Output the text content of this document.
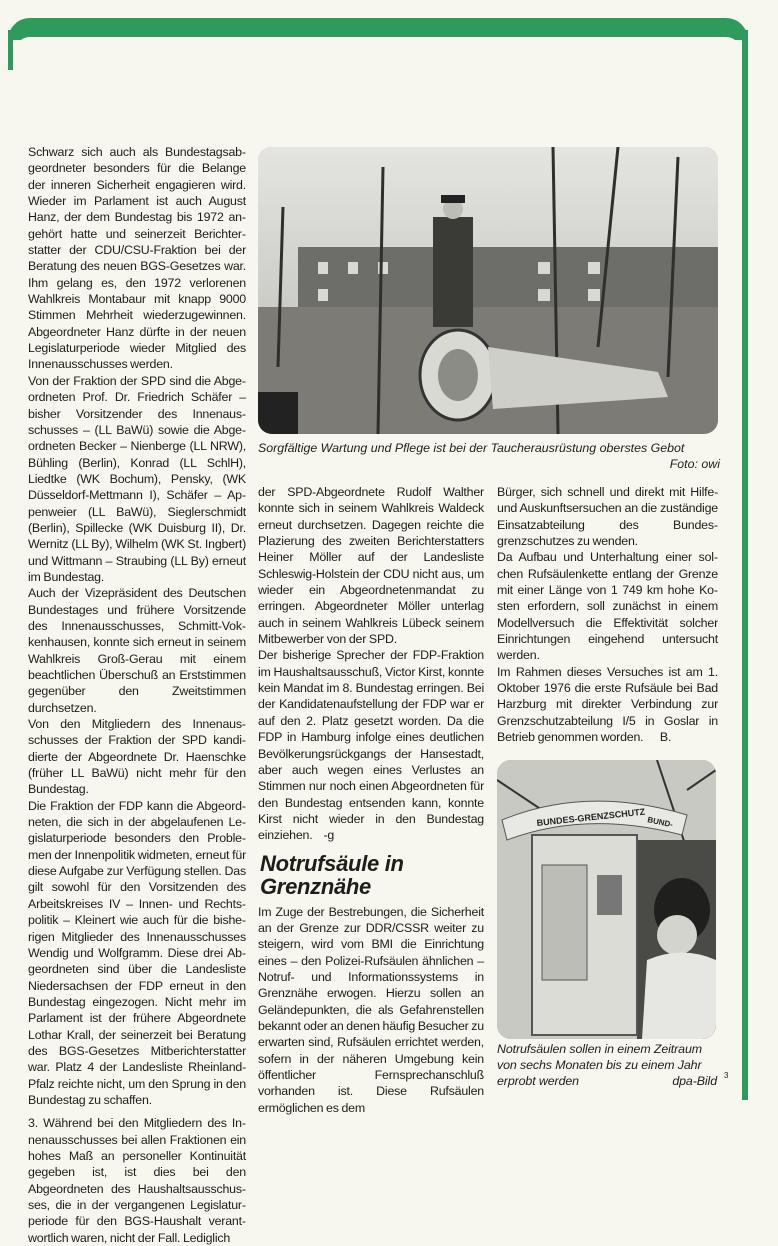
Schwarz sich auch als Bundestagsabgeordneter besonders für die Belange der inneren Sicherheit engagieren wird. Wieder im Parlament ist auch August Hanz, der dem Bundestag bis 1972 angehört hatte und seinerzeit Berichterstatter der CDU/CSU-Fraktion bei der Beratung des neuen BGS-Gesetzes war. Ihm gelang es, den 1972 verlorenen Wahlkreis Montabaur mit knapp 9000 Stimmen Mehrheit wiederzugewinnen. Abgeordneter Hanz dürfte in der neuen Legislaturperiode wieder Mitglied des Innenausschusses werden.

Von der Fraktion der SPD sind die Abgeordneten Prof. Dr. Friedrich Schäfer – bisher Vorsitzender des Innenausschusses – (LL BaWü) sowie die Abgeordneten Becker – Nienberge (LL NRW), Bühling (Berlin), Konrad (LL SchlH), Liedtke (WK Bochum), Pensky, (WK Düsseldorf-Mettmann I), Schäfer – Appenweier (LL BaWü), Sieglerschmidt (Berlin), Spillecke (WK Duisburg II), Dr. Wernitz (LL By), Wilhelm (WK St. Ingbert) und Wittmann – Straubing (LL By) erneut im Bundestag.

Auch der Vizepräsident des Deutschen Bundestages und frühere Vorsitzende des Innenausschusses, Schmitt-Vokkenhausen, konnte sich erneut in seinem Wahlkreis Groß-Gerau mit einem beachtlichen Überschuß an Erststimmen gegenüber den Zweitstimmen durchsetzen.

Von den Mitgliedern des Innenausschusses der Fraktion der SPD kandidierte der Abgeordnete Dr. Haenschke (früher LL BaWü) nicht mehr für den Bundestag.

Die Fraktion der FDP kann die Abgeordneten, die sich in der abgelaufenen Legislaturperiode besonders den Problemen der Innenpolitik widmeten, erneut für diese Aufgabe zur Verfügung stellen. Das gilt sowohl für den Vorsitzenden des Arbeitskreises IV – Innen- und Rechtspolitik – Kleinert wie auch für die bisherigen Mitglieder des Innenausschusses Wendig und Wolfgramm. Diese drei Abgeordneten sind über die Landesliste Niedersachsen der FDP erneut in den Bundestag eingezogen. Nicht mehr im Parlament ist der frühere Abgeordnete Lothar Krall, der seinerzeit bei Beratung des BGS-Gesetzes Mitberichterstatter war. Platz 4 der Landesliste Rheinland-Pfalz reichte nicht, um den Sprung in den Bundestag zu schaffen.

3. Während bei den Mitgliedern des Innenausschusses bei allen Fraktionen ein hohes Maß an personeller Kontinuität gegeben ist, ist dies bei den Abgeordneten des Haushaltsausschusses, die in der vergangenen Legislaturperiode für den BGS-Haushalt verantwortlich waren, nicht der Fall. Lediglich

Sorgfältige Wartung und Pflege ist bei der Taucherausrüstung oberstes Gebot
Foto: owi

der SPD-Abgeordnete Rudolf Walther konnte sich in seinem Wahlkreis Waldeck erneut durchsetzen. Dagegen reichte die Plazierung des zweiten Berichterstatters Heiner Möller auf der Landesliste Schleswig-Holstein der CDU nicht aus, um wieder ein Abgeordnetenmandat zu erringen. Abgeordneter Möller unterlag auch in seinem Wahlkreis Lübeck seinem Mitbewerber von der SPD.

Der bisherige Sprecher der FDP-Fraktion im Haushaltsausschuß, Victor Kirst, konnte kein Mandat im 8. Bundestag erringen. Bei der Kandidatenaufstellung der FDP war er auf den 2. Platz gesetzt worden. Da die FDP in Hamburg infolge eines deutlichen Bevölkerungsrückgangs der Hansestadt, aber auch wegen eines Verlustes an Stimmen nur noch einen Abgeordneten für den Bundestag entsenden kann, konnte Kirst nicht wieder in den Bundestag einziehen. -g

Notrufsäule in Grenznähe

Im Zuge der Bestrebungen, die Sicherheit an der Grenze zur DDR/CSSR weiter zu steigern, wird vom BMI die Einrichtung eines – den Polizei-Rufsäulen ähnlichen – Notruf- und Informationssystems in Grenznähe erwogen. Hierzu sollen an Geländepunkten, die als Gefahrenstellen bekannt oder an denen häufig Besucher zu erwarten sind, Rufsäulen errichtet werden, sofern in der näheren Umgebung kein öffentlicher Fernsprechanschluß vorhanden ist. Diese Rufsäulen ermöglichen es dem

Bürger, sich schnell und direkt mit Hilfe- und Auskunftsersuchen an die zuständige Einsatzabteilung des Bundesgrenzschutzes zu wenden.

Da Aufbau und Unterhaltung einer solchen Rufsäulenkette entlang der Grenze mit einer Länge von 1 749 km hohe Kosten erfordern, soll zunächst in einem Modellversuch die Effektivität solcher Einrichtungen eingehend untersucht werden.

Im Rahmen dieses Versuches ist am 1. Oktober 1976 die erste Rufsäule bei Bad Harzburg mit direkter Verbindung zur Grenzschutzabteilung I/5 in Goslar in Betrieb genommen worden. B.

BUNDES-GRENZSCHUTZ BUND-
Notrufsäulen sollen in einem Zeitraum von sechs Monaten bis zu einem Jahr
erprobt werden	dpa-Bild 3
